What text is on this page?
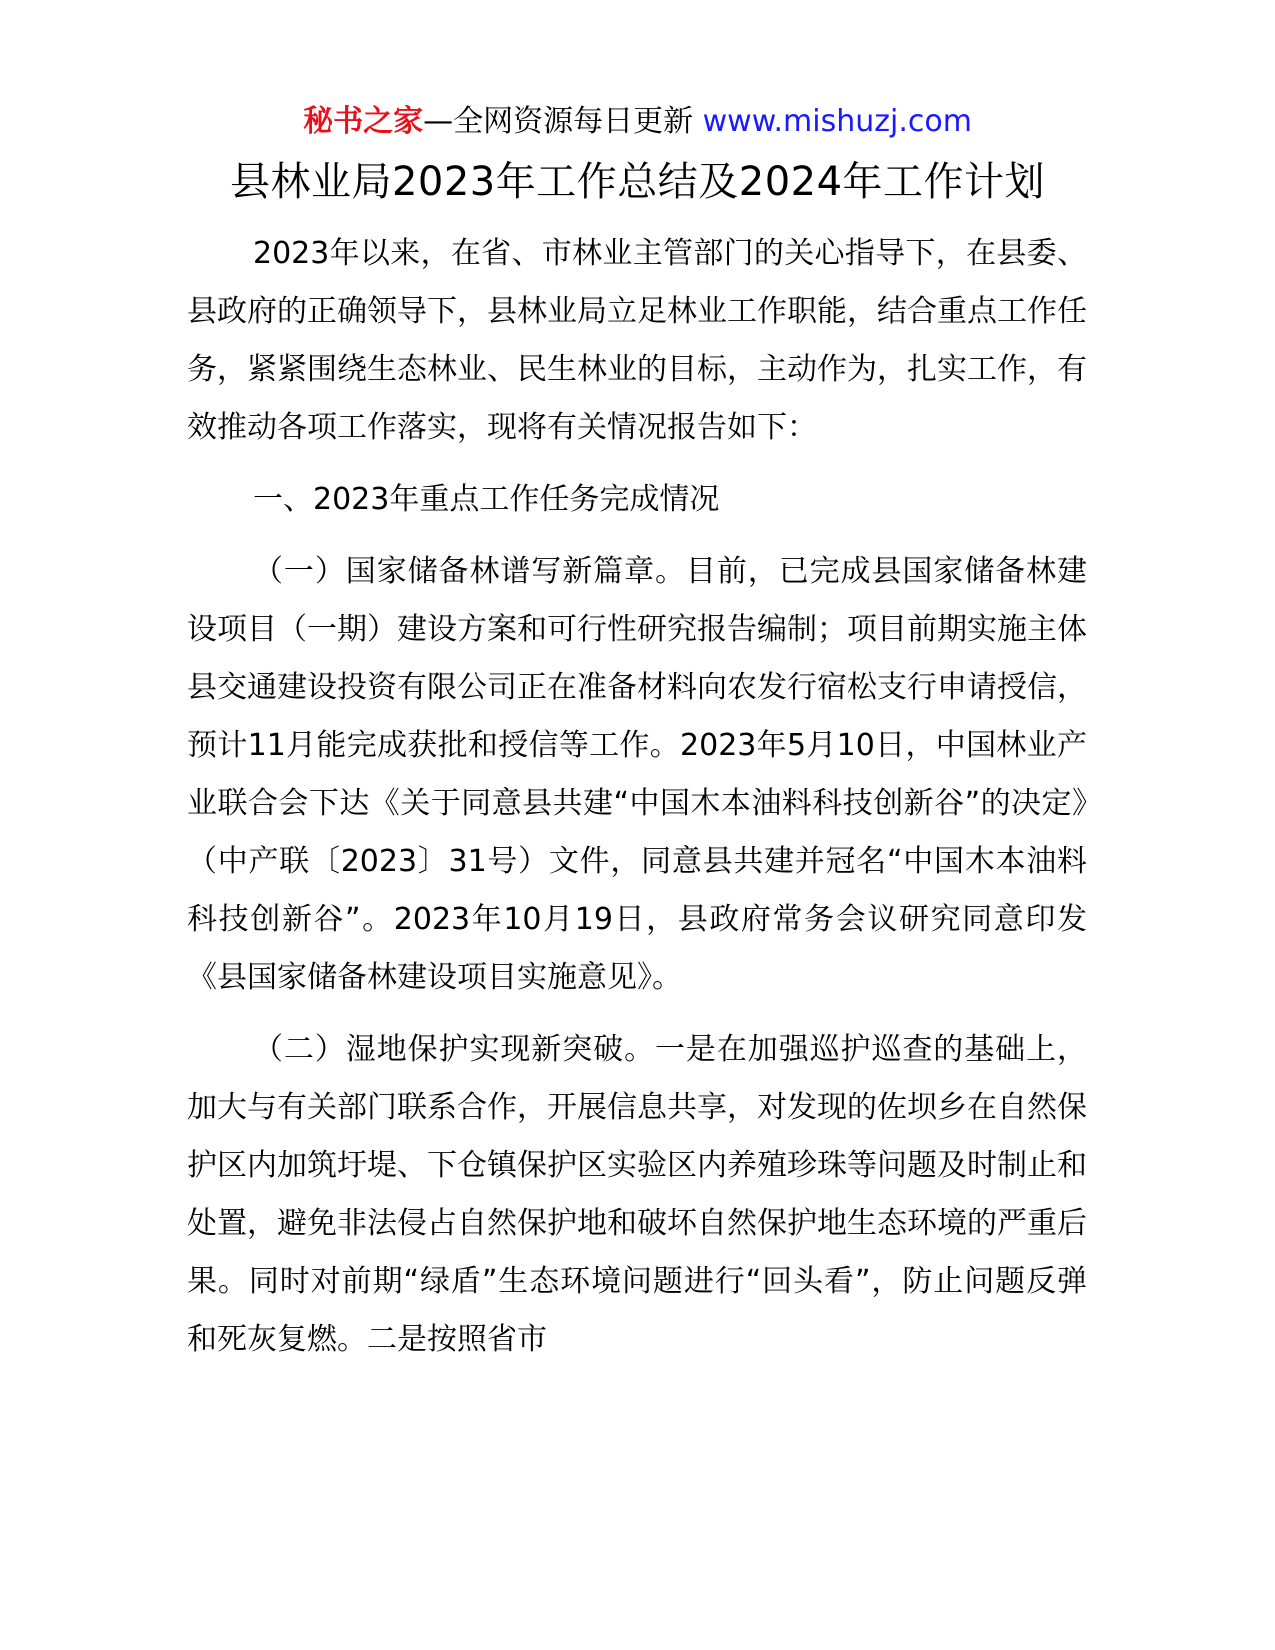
秘书之家—全网资源每日更新 www.mishuzj.com
县林业局2023年工作总结及2024年工作计划

2023年以来，在省、市林业主管部门的关心指导下，在县委、县政府的正确领导下，县林业局立足林业工作职能，结合重点工作任务，紧紧围绕生态林业、民生林业的目标，主动作为，扎实工作，有效推动各项工作落实，现将有关情况报告如下：

一、2023年重点工作任务完成情况

（一）国家储备林谱写新篇章。目前，已完成县国家储备林建设项目（一期）建设方案和可行性研究报告编制；项目前期实施主体县交通建设投资有限公司正在准备材料向农发行宿松支行申请授信，预计11月能完成获批和授信等工作。2023年5月10日，中国林业产业联合会下达《关于同意县共建“中国木本油料科技创新谷”的决定》（中产联〔2023〕31号）文件，同意县共建并冠名“中国木本油料科技创新谷”。2023年10月19日，县政府常务会议研究同意印发《县国家储备林建设项目实施意见》。

（二）湿地保护实现新突破。一是在加强巡护巡查的基础上，加大与有关部门联系合作，开展信息共享，对发现的佐坝乡在自然保护区内加筑圩堤、下仓镇保护区实验区内养殖珍珠等问题及时制止和处置，避免非法侵占自然保护地和破坏自然保护地生态环境的严重后果。同时对前期“绿盾”生态环境问题进行“回头看”，防止问题反弹和死灰复燃。二是按照省市
